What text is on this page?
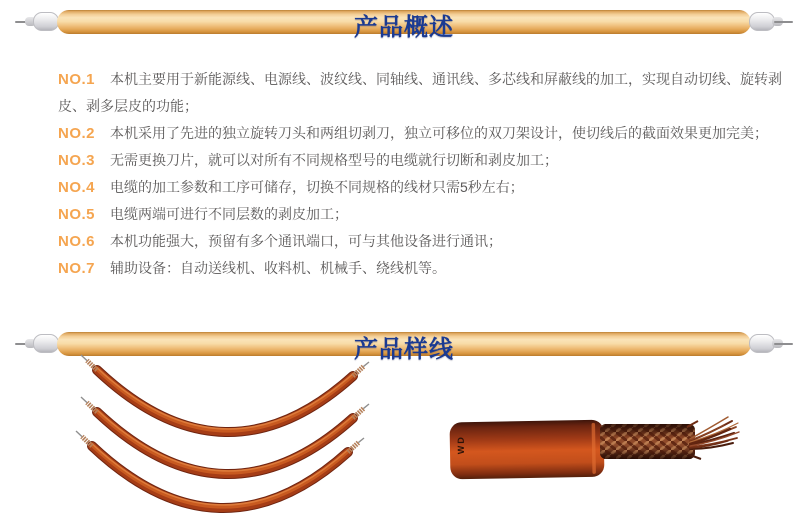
产品概述

NO.1 本机主要用于新能源线、电源线、波纹线、同轴线、通讯线、多芯线和屏蔽线的加工，实现自动切线、旋转剥皮、剥多层皮的功能；

NO.2 本机采用了先进的独立旋转刀头和两组切剥刀，独立可移位的双刀架设计，使切线后的截面效果更加完美；

NO.3 无需更换刀片，就可以对所有不同规格型号的电缆就行切断和剥皮加工；

NO.4 电缆的加工参数和工序可储存，切换不同规格的线材只需5秒左右；

NO.5 电缆两端可进行不同层数的剥皮加工；

NO.6 本机功能强大，预留有多个通讯端口，可与其他设备进行通讯；

NO.7 辅助设备：自动送线机、收料机、机械手、绕线机等。

产品样线
WD
